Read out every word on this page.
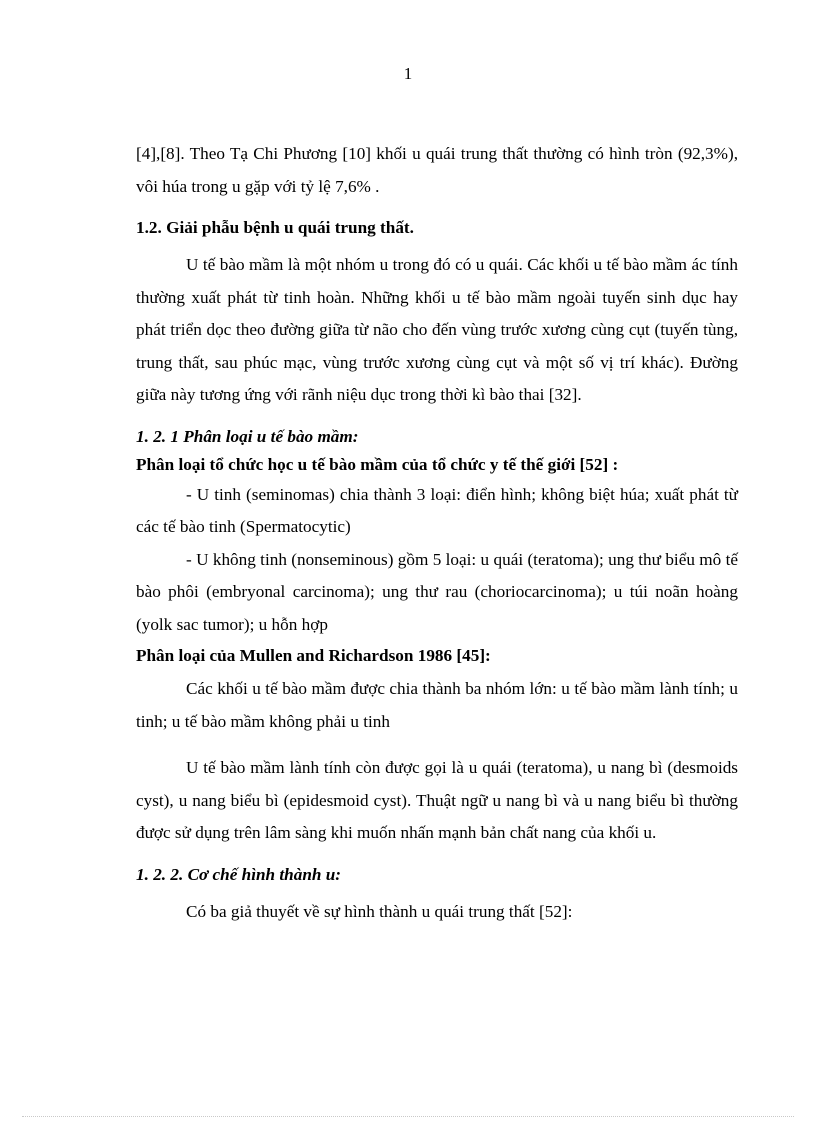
1

[4],[8]. Theo Tạ Chi Phương [10] khối u quái trung thất thường có hình tròn (92,3%), vôi húa trong u gặp với tỷ lệ 7,6% .

1.2. Giải phẫu bệnh u quái trung thất.

U tế bào mầm là một nhóm u trong đó có u quái. Các khối u tế bào mầm ác tính thường xuất phát từ tinh hoàn. Những khối u tế bào mầm ngoài tuyến sinh dục hay phát triển dọc theo đường giữa từ não cho đến vùng trước xương cùng cụt (tuyến tùng, trung thất, sau phúc mạc, vùng trước xương cùng cụt và một số vị trí khác). Đường giữa này tương ứng với rãnh niệu dục trong thời kì bào thai [32].

1. 2. 1 Phân loại u tế bào mầm:

Phân loại tổ chức học u tế bào mầm của tổ chức y tế thế giới [52] :

- U tinh (seminomas) chia thành 3 loại: điển hình; không biệt húa; xuất phát từ các tế bào tinh (Spermatocytic)

- U không tinh (nonseminous) gồm 5 loại: u quái (teratoma); ung thư biểu mô tế bào phôi (embryonal carcinoma); ung thư rau (choriocarcinoma); u túi noãn hoàng (yolk sac tumor); u hỗn hợp

Phân loại của Mullen and Richardson 1986 [45]:

Các khối u tế bào mầm được chia thành ba nhóm lớn: u tế bào mầm lành tính; u tinh; u tế bào mầm không phải u tinh

U tế bào mầm lành tính còn được gọi là u quái (teratoma), u nang bì (desmoids cyst), u nang biểu bì (epidesmoid cyst). Thuật ngữ u nang bì và u nang biểu bì thường được sử dụng trên lâm sàng khi muốn nhấn mạnh bản chất nang của khối u.

1. 2. 2. Cơ chế hình thành u:

Có ba giả thuyết về sự hình thành u quái trung thất [52]:
